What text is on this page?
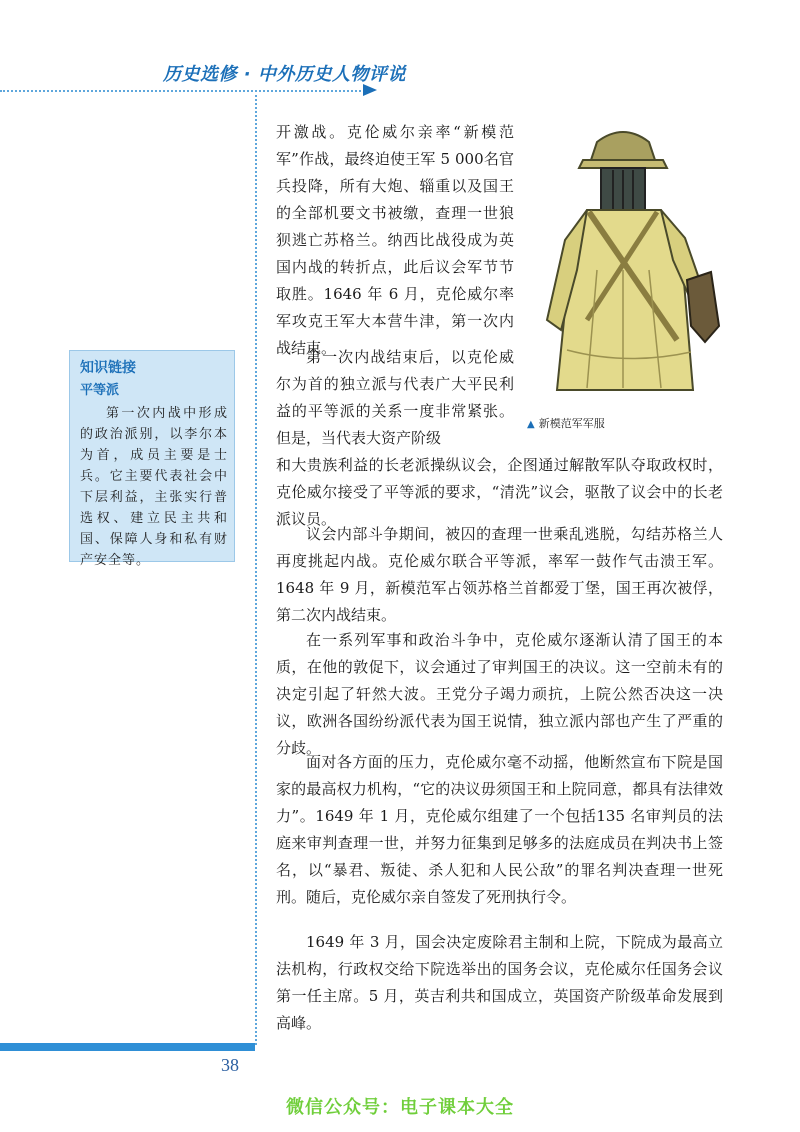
历史选修 · 中外历史人物评说

知识链接

平等派

第一次内战中形成的政治派别，以李尔本为首，成员主要是士兵。它主要代表社会中下层利益，主张实行普选权、建立民主共和国、保障人身和私有财产安全等。

▲ 新模范军军服

开激战。克伦威尔亲率“新模范军”作战，最终迫使王军 5 000名官兵投降，所有大炮、辎重以及国王的全部机要文书被缴，查理一世狼狈逃亡苏格兰。纳西比战役成为英国内战的转折点，此后议会军节节取胜。1646 年 6 月，克伦威尔率军攻克王军大本营牛津，第一次内战结束。

第一次内战结束后，以克伦威尔为首的独立派与代表广大平民利益的平等派的关系一度非常紧张。但是，当代表大资产阶级

和大贵族利益的长老派操纵议会，企图通过解散军队夺取政权时，克伦威尔接受了平等派的要求，“清洗”议会，驱散了议会中的长老派议员。

议会内部斗争期间，被囚的查理一世乘乱逃脱，勾结苏格兰人再度挑起内战。克伦威尔联合平等派，率军一鼓作气击溃王军。1648 年 9 月，新模范军占领苏格兰首都爱丁堡，国王再次被俘，第二次内战结束。

在一系列军事和政治斗争中，克伦威尔逐渐认清了国王的本质，在他的敦促下，议会通过了审判国王的决议。这一空前未有的决定引起了轩然大波。王党分子竭力顽抗，上院公然否决这一决议，欧洲各国纷纷派代表为国王说情，独立派内部也产生了严重的分歧。

面对各方面的压力，克伦威尔毫不动摇，他断然宣布下院是国家的最高权力机构，“它的决议毋须国王和上院同意，都具有法律效力”。1649 年 1 月，克伦威尔组建了一个包括135 名审判员的法庭来审判查理一世，并努力征集到足够多的法庭成员在判决书上签名，以“暴君、叛徒、杀人犯和人民公敌”的罪名判决查理一世死刑。随后，克伦威尔亲自签发了死刑执行令。

1649 年 3 月，国会决定废除君主制和上院，下院成为最高立法机构，行政权交给下院选举出的国务会议，克伦威尔任国务会议第一任主席。5 月，英吉利共和国成立，英国资产阶级革命发展到高峰。

38
微信公众号：电子课本大全
